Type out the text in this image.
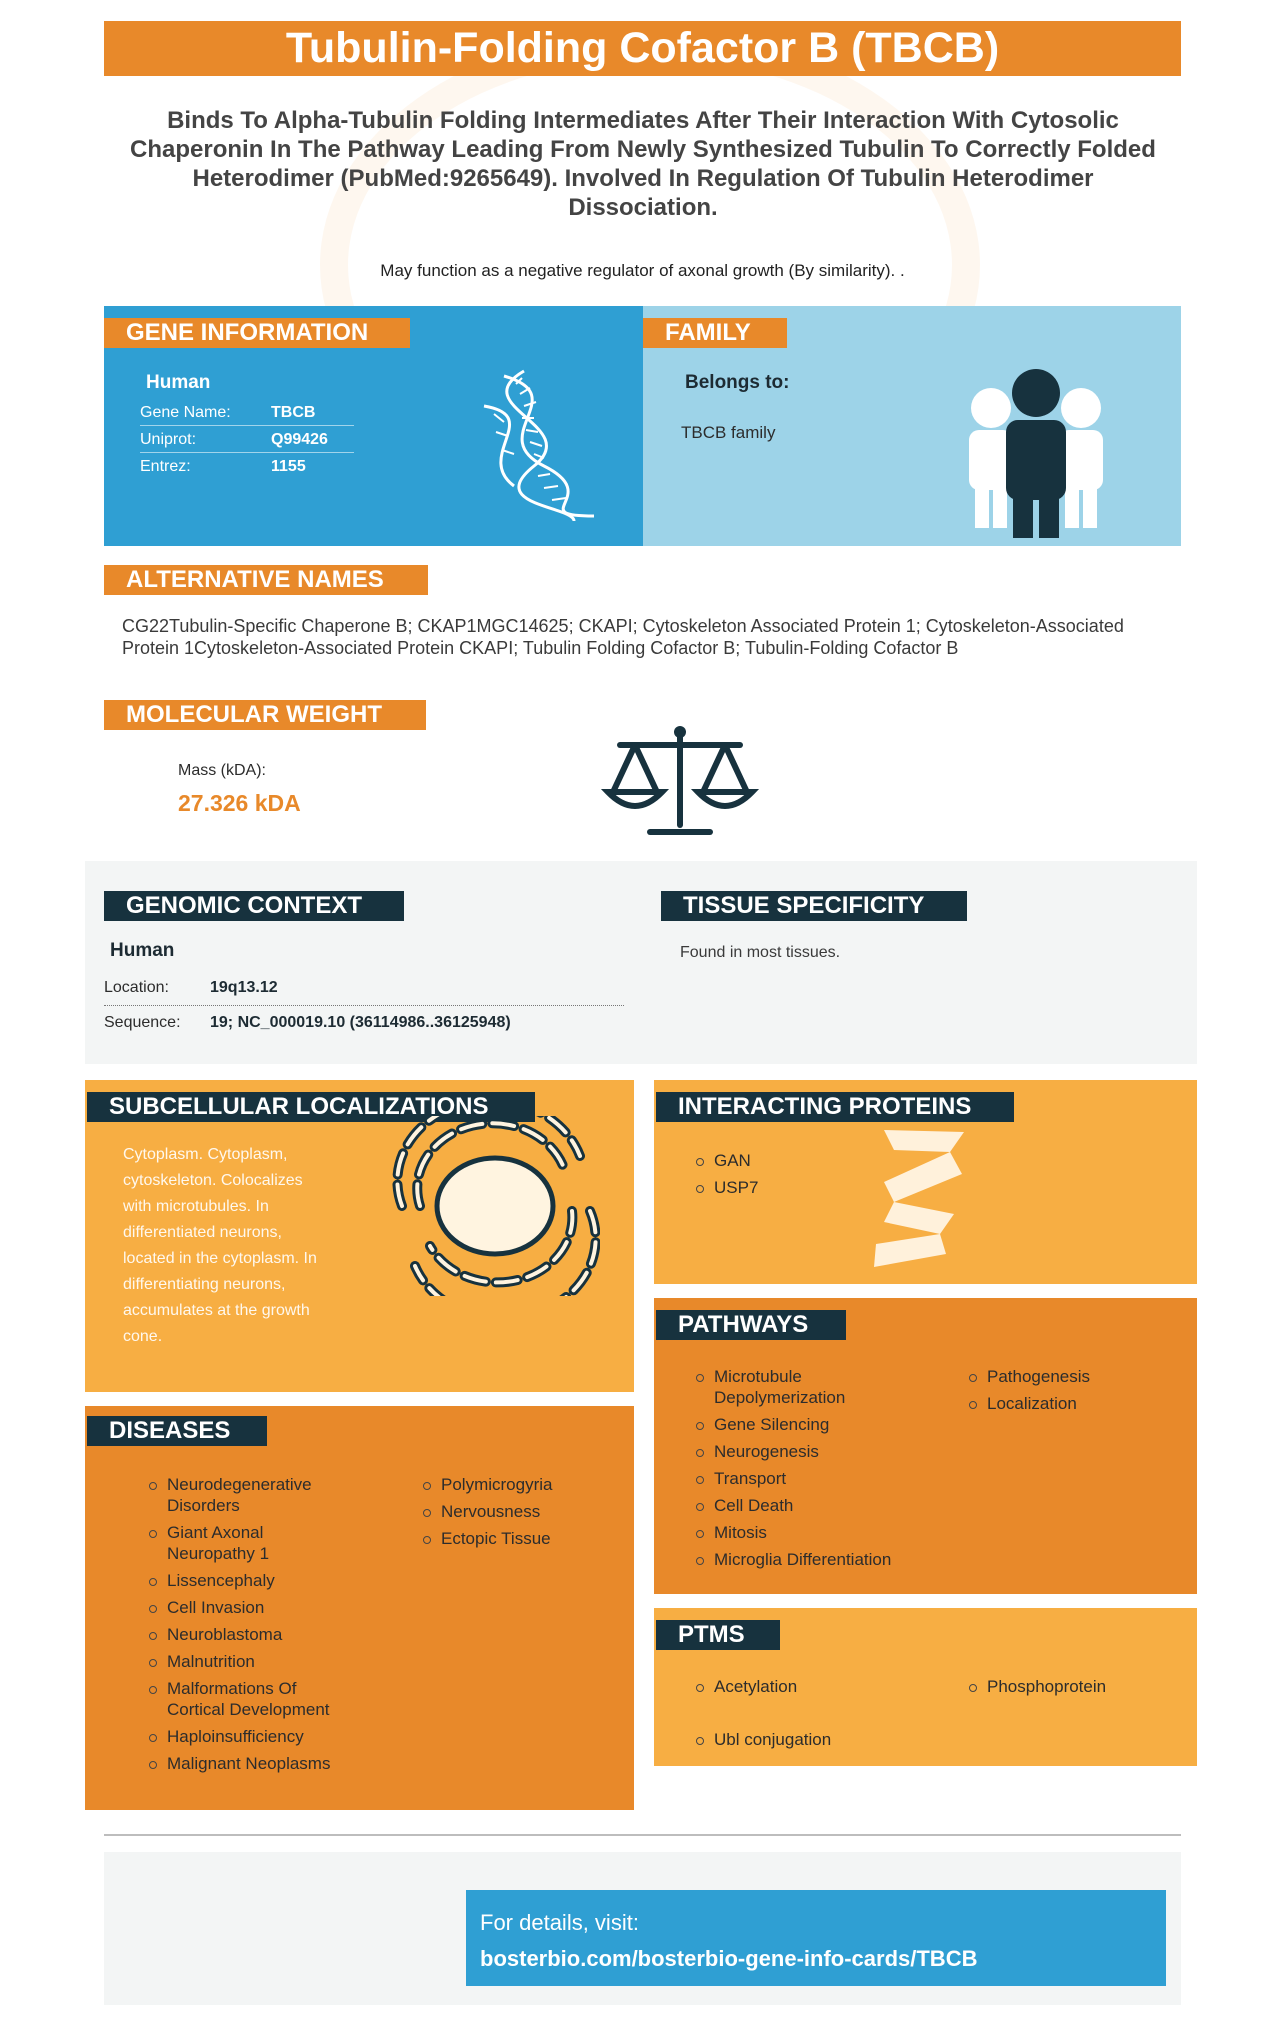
Tubulin-Folding Cofactor B (TBCB)
Binds To Alpha-Tubulin Folding Intermediates After Their Interaction With Cytosolic Chaperonin In The Pathway Leading From Newly Synthesized Tubulin To Correctly Folded Heterodimer (PubMed:9265649). Involved In Regulation Of Tubulin Heterodimer Dissociation.
May function as a negative regulator of axonal growth (By similarity). .
GENE INFORMATION
Human
Gene Name:	TBCB
Uniprot:	Q99426
Entrez:	1155
FAMILY
Belongs to:
TBCB family
ALTERNATIVE NAMES
CG22Tubulin-Specific Chaperone B; CKAP1MGC14625; CKAPI; Cytoskeleton Associated Protein 1; Cytoskeleton-Associated Protein 1Cytoskeleton-Associated Protein CKAPI; Tubulin Folding Cofactor B; Tubulin-Folding Cofactor B
MOLECULAR WEIGHT
Mass (kDA):
27.326 kDA
GENOMIC CONTEXT
Human
Location:	19q13.12
Sequence: 19; NC_000019.10 (36114986..36125948)
TISSUE SPECIFICITY
Found in most tissues.
SUBCELLULAR LOCALIZATIONS
Cytoplasm. Cytoplasm, cytoskeleton. Colocalizes with microtubules. In differentiated neurons, located in the cytoplasm. In differentiating neurons, accumulates at the growth cone.
INTERACTING PROTEINS
GAN
USP7
PATHWAYS
Microtubule Depolymerization
Gene Silencing
Neurogenesis
Transport
Cell Death
Mitosis
Microglia Differentiation
Pathogenesis
Localization
DISEASES
Neurodegenerative Disorders
Giant Axonal Neuropathy 1
Lissencephaly
Cell Invasion
Neuroblastoma
Malnutrition
Malformations Of Cortical Development
Haploinsufficiency
Malignant Neoplasms
Polymicrogyria
Nervousness
Ectopic Tissue
PTMS
Acetylation
Ubl conjugation
Phosphoprotein
For details, visit:
bosterbio.com/bosterbio-gene-info-cards/TBCB
